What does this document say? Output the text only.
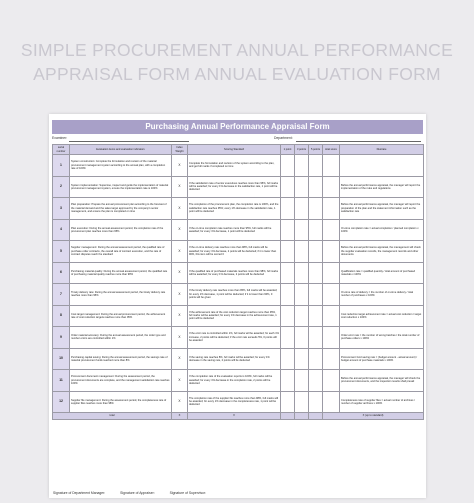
SIMPLE PROCUREMENT ANNUAL PERFORMANCE
APPRAISAL FORM ANNUAL EVALUATION FORM
Purchasing Annual Performance Appraisal Form
Examiner:	Department:
serial number	Evaluation items and evaluation indicators	Index Weight	Scoring Standard	1 point	3 points	5 points	total score	Illustrate
1	System construction: Complete the formulation and revision of the material procurement management system according to the annual plan, with a completion rate of 100%	X	Complete the formulation and revision of the system according to the plan, and get full marks if completed on time					
2	System implementation: Supervise, inspect and guide the implementation of material procurement management system, ensure the implementation rate is 100%	X	If the satisfaction rate of senior executives reaches more than 95%, full marks will be awarded; for every 1% decrease in the satisfaction rate, 1 point will be deducted					Before the annual performance appraisal, the manager will report the implementation of the rules and regulations
3	Plan preparation: Prepare the annual procurement plan according to the forecast of the material demand and the sales target approved by the company's senior management, and ensure the plan is completed on time	X	The completion of the procurement plan, the completion rate is 100%, and the satisfaction rate reaches 95%; every 1% decrease in the satisfaction rate, 1 point will be deducted					Before the annual performance appraisal, the manager will report the preparation of the plan and the statement information such as the satisfaction rate
4	Plan execution: During the annual assessment period, the completion rate of the procurement plan reaches more than 95%	X	If the on-time completion rate reaches more than 95%, full marks will be awarded; for every 1% decrease, 1 point will be deducted					On-time completion rate = actual completion / planned completion x 100%
5	Supplier management: During the annual assessment period, the qualified rate of purchase order contracts, the overall rate of contract execution, and the rate of contract disputes reach the standard	X	If the on-time delivery rate reaches more than 98%, full marks will be awarded; for every 1% decrease, 2 points will be deducted; if it is lower than 90%, this item will be scored 0					Before the annual performance appraisal, the management will check the supplier evaluation records, the management records and other documents
6	Purchasing material quality: During the annual assessment period, the qualified rate of purchasing material quality reaches more than 98%	X	If the qualified rate of purchased materials reaches more than 98%, full marks will be awarded; for every 1% decrease, 2 points will be deducted					Qualification rate = qualified quantity / total amount of purchased materials x 100%
7	Timely delivery rate: During the annual assessment period, the timely delivery rate reaches more than 95%	X	If the timely delivery rate reaches more than 95%, full marks will be awarded; for every 1% decrease, 1 point will be deducted; if it is lower than 90%, 0 points will be given					On-time rate of delivery = the number of on-time delivery / total number of purchases x 100%
8	Cost target management: During the annual procurement period, the achievement rate of cost reduction targets reaches more than 95%	X	If the achievement rate of the cost reduction target reaches more than 95%, full marks will be awarded; for every 1% decrease in the achievement rate, 1 point will be deducted					Cost reduction target achievement rate = actual cost reduction / target cost reduction x 100%
9	Order material accuracy: During the annual assessment period, the order type and number errors are controlled within 1%	X	If the error rate is controlled within 1%, full marks will be awarded; for each 1% increase, 2 points will be deducted; if the error rate exceeds 5%, 0 points will be awarded					Order error rate = the number of wrong batches / the total number of purchase orders x 100%
10	Purchasing capital saving: During the annual assessment period, the savings rate of material procurement funds reached more than 8%	X	If the saving rate reaches 8%, full marks will be awarded; for every 1% decrease in the saving rate, 2 points will be deducted					Procurement fund saving rate = (budget amount - actual amount) / budget amount of purchase materials x 100%
11	Procurement document management: During the assessment period, the procurement documents are complete, and the management satisfaction rate reaches 100%	X	If the completion rate of the evaluation reports is 100%, full marks will be awarded; for every 1% decrease in the completion rate, 2 points will be deducted					Before the annual performance appraisal, the manager will check the procurement documents, and the inspection results shall prevail
12	Supplier file management: During the assessment period, the completeness rate of supplier files reaches more than 98%	X	The completion rate of the supplier file reaches more than 98%, full marks will be awarded; for every 1% decrease in the completeness rate, 1 point will be deducted					Completeness rate of supplier files = actual number of archives / number of supplier archives x 100%
total		X	X				X (up to standard)	
Signature of Department Manager:	Signature of Appraiser:	Signature of Supervisor:
